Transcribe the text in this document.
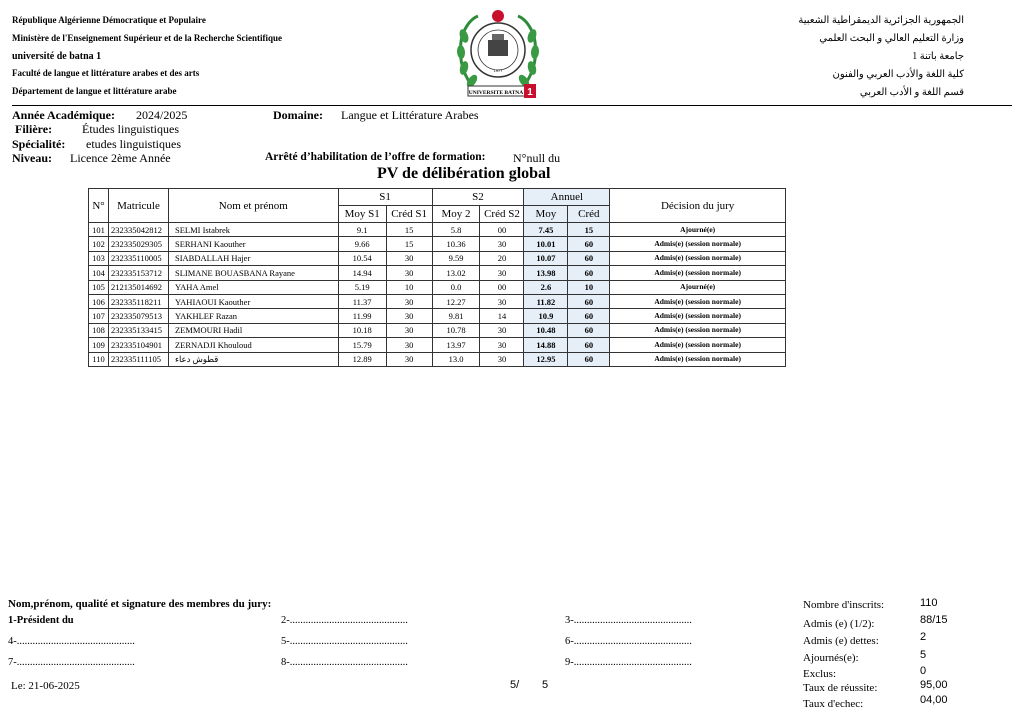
République Algérienne Démocratique et Populaire
Ministère de l'Enseignement Supérieur et de la Recherche Scientifique
université de batna 1
Faculté de langue et littérature arabes et des arts
Département de langue et littérature arabe
الجمهورية الجزائرية الديمقراطية الشعبية
وزارة التعليم العالي و البحث العلمي
جامعة باتنة 1
كلية اللغة والأدب العربي والفنون
قسم اللغة و الأدب العربي
UNIVERSITE BATNA 1
1977
Année Académique: 2024/2025	Domaine: Langue et Littérature Arabes
Filière: Études linguistiques
Spécialité: etudes linguistiques
Niveau: Licence 2ème Année	Arrêté d’habilitation de l’offre de formation: N°null du
PV de délibération global
N°	Matricule	Nom et prénom	S1		S2		Annuel		Décision du jury
			Moy S1	Créd S1	Moy 2	Créd S2	Moy	Créd	
101	232335042812	SELMI Istabrek	9.1	15	5.8	00	7.45	15	Ajourné(e)
102	232335029305	SERHANI Kaouther	9.66	15	10.36	30	10.01	60	Admis(e) (session normale)
103	232335110005	SIABDALLAH Hajer	10.54	30	9.59	20	10.07	60	Admis(e) (session normale)
104	232335153712	SLIMANE BOUASBANA Rayane	14.94	30	13.02	30	13.98	60	Admis(e) (session normale)
105	212135014692	YAHA Amel	5.19	10	0.0	00	2.6	10	Ajourné(e)
106	232335118211	YAHIAOUI Kaouther	11.37	30	12.27	30	11.82	60	Admis(e) (session normale)
107	232335079513	YAKHLEF Razan	11.99	30	9.81	14	10.9	60	Admis(e) (session normale)
108	232335133415	ZEMMOURI Hadil	10.18	30	10.78	30	10.48	60	Admis(e) (session normale)
109	232335104901	ZERNADJI Khouloud	15.79	30	13.97	30	14.88	60	Admis(e) (session normale)
110	232335111105	قطوش دعاء	12.89	30	13.0	30	12.95	60	Admis(e) (session normale)
Nom,prénom, qualité et signature des membres du jury:
1-Président du	2-.............................................	3-.............................................
4-.............................................	5-.............................................	6-.............................................
7-.............................................	8-.............................................	9-.............................................
Le: 21-06-2025	5/ 5
Nombre d'inscrits:	110
Admis (e) (1/2):	88/15
Admis (e) dettes:	2
Ajournés(e):	5
Exclus:	0
Taux de réussite:	95,00
Taux d'echec:	04,00
